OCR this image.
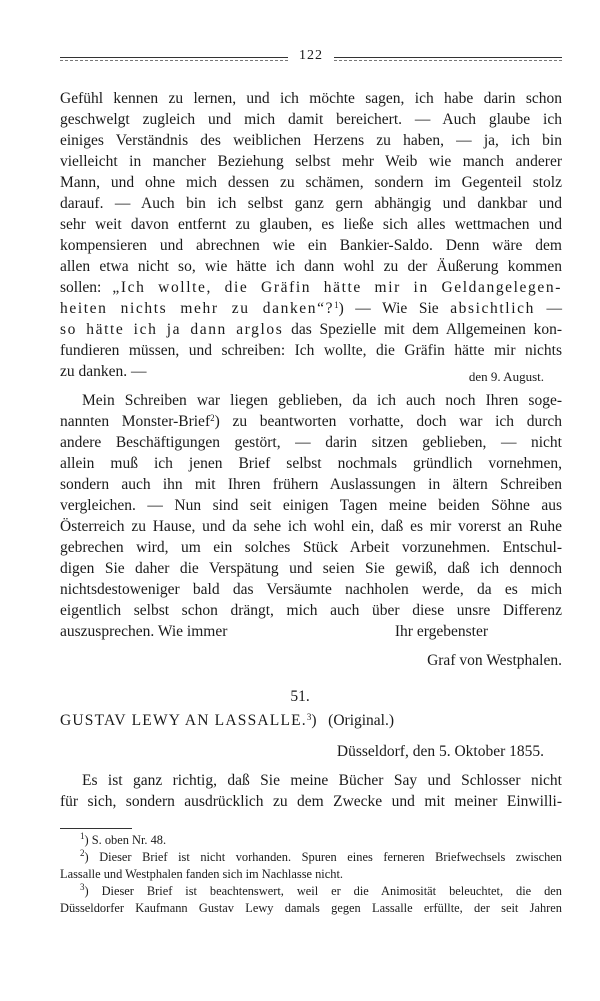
122
Gefühl kennen zu lernen, und ich möchte sagen, ich habe darin schon
geschwelgt zugleich und mich damit bereichert. — Auch glaube ich
einiges Verständnis des weiblichen Herzens zu haben, — ja, ich bin
vielleicht in mancher Beziehung selbst mehr Weib wie manch anderer
Mann, und ohne mich dessen zu schämen, sondern im Gegenteil stolz
darauf. — Auch bin ich selbst ganz gern abhängig und dankbar und
sehr weit davon entfernt zu glauben, es ließe sich alles wettmachen und
kompensieren und abrechnen wie ein Bankier-Saldo. Denn wäre dem
allen etwa nicht so, wie hätte ich dann wohl zu der Äußerung kommen
sollen: „Ich wollte, die Gräfin hätte mir in Geldangelegen-
heiten nichts mehr zu danken“?$^1$) — Wie Sie absichtlich —
so hätte ich ja dann arglos das Spezielle mit dem Allgemeinen kon-
fundieren müssen, und schreiben: Ich wollte, die Gräfin hätte mir nichts
zu danken. —	den 9. August.
Mein Schreiben war liegen geblieben, da ich auch noch Ihren soge-
nannten Monster-Brief$^2$) zu beantworten vorhatte, doch war ich durch
andere Beschäftigungen gestört, — darin sitzen geblieben, — nicht
allein muß ich jenen Brief selbst nochmals gründlich vornehmen,
sondern auch ihn mit Ihren frühern Auslassungen in ältern Schreiben
vergleichen. — Nun sind seit einigen Tagen meine beiden Söhne aus
Österreich zu Hause, und da sehe ich wohl ein, daß es mir vorerst an Ruhe
gebrechen wird, um ein solches Stück Arbeit vorzunehmen. Entschul-
digen Sie daher die Verspätung und seien Sie gewiß, daß ich dennoch
nichtsdestoweniger bald das Versäumte nachholen werde, da es mich
eigentlich selbst schon drängt, mich auch über diese unsre Differenz
auszusprechen. Wie immer	Ihr ergebenster
Graf von Westphalen.
51.
GUSTAV LEWY AN LASSALLE.$^3$) (Original.)
Düsseldorf, den 5. Oktober 1855.
Es ist ganz richtig, daß Sie meine Bücher Say und Schlosser nicht
für sich, sondern ausdrücklich zu dem Zwecke und mit meiner Einwilli-
$^1$) S. oben Nr. 48.
$^2$) Dieser Brief ist nicht vorhanden. Spuren eines ferneren Briefwechsels zwischen
Lassalle und Westphalen fanden sich im Nachlasse nicht.
$^3$) Dieser Brief ist beachtenswert, weil er die Animosität beleuchtet, die den
Düsseldorfer Kaufmann Gustav Lewy damals gegen Lassalle erfüllte, der seit Jahren
